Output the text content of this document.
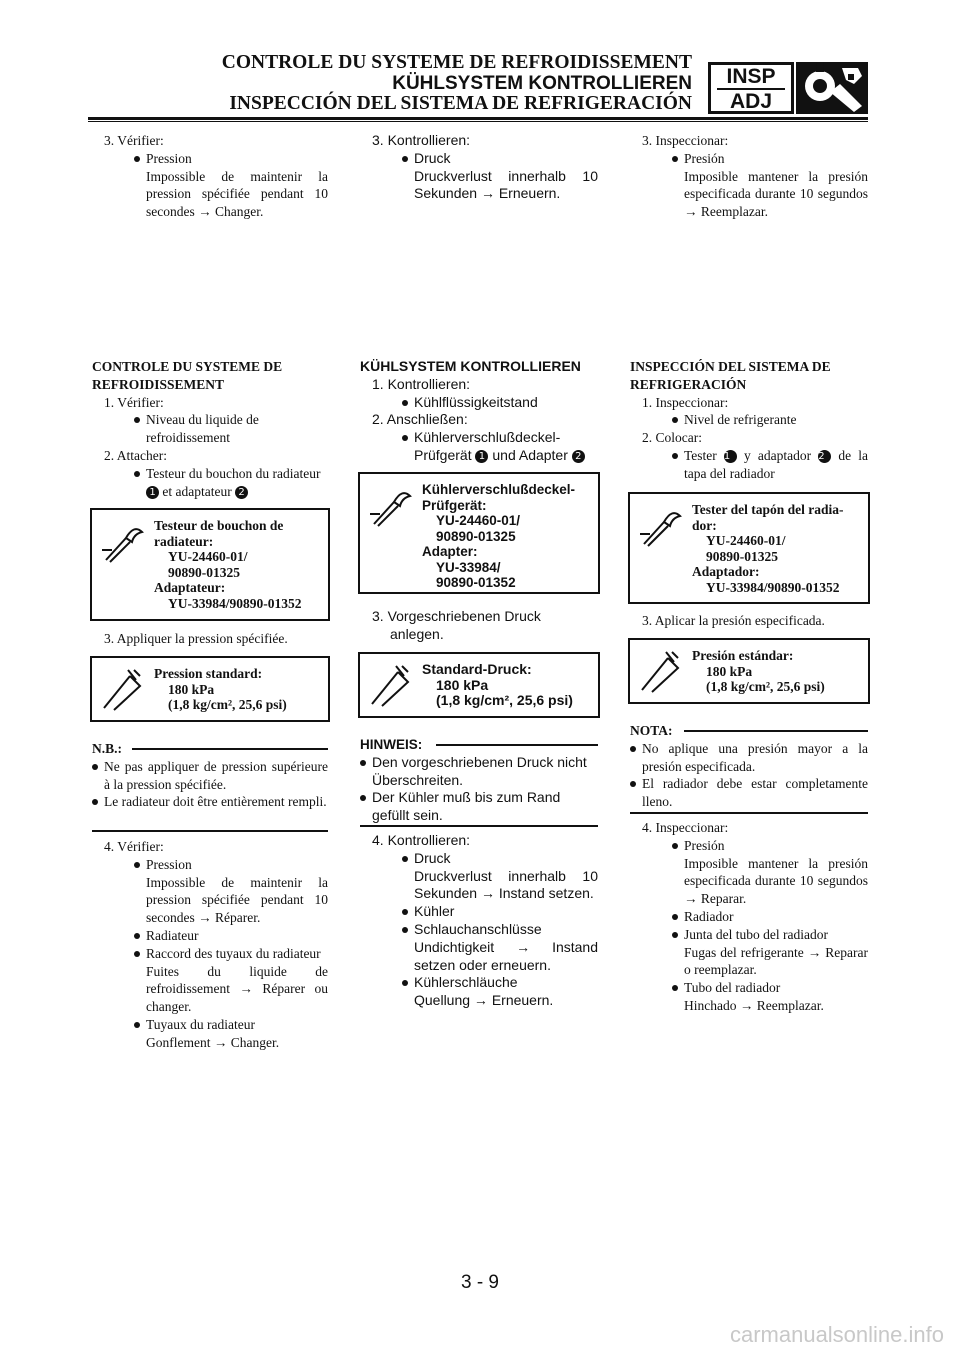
CONTROLE DU SYSTEME DE REFROIDISSEMENT
KÜHLSYSTEM KONTROLLIEREN
INSPECCIÓN DEL SISTEMA DE REFRIGERACIÓN
INSP
ADJ

3. Vérifier:

Pression

Impossible de maintenir la pression spécifiée pendant 10 secondes → Changer.

3. Kontrollieren:

Druck

Druckverlust innerhalb 10 Sekunden → Erneuern.

3. Inspeccionar:

Presión

Imposible mantener la presión especificada durante 10 segundos → Reemplazar.

CONTROLE DU SYSTEME DE

REFROIDISSEMENT

1. Vérifier:

Niveau du liquide de refroidissement

2. Attacher:

Testeur du bouchon du radiateur 1 et adaptateur 2

Testeur de bouchon de
radiateur:
YU-24460-01/
90890-01325
Adaptateur:
YU-33984/90890-01352

3. Appliquer la pression spécifiée.

Pression standard:
180 kPa
(1,8 kg/cm², 25,6 psi)

N.B.:

Ne pas appliquer de pression supérieure à la pression spécifiée.

Le radiateur doit être entièrement rempli.

4. Vérifier:

Pression

Impossible de maintenir la pression spécifiée pendant 10 secondes → Réparer.

Radiateur

Raccord des tuyaux du radiateur

Fuites du liquide de refroidissement → Réparer ou changer.

Tuyaux du radiateur

Gonflement → Changer.

KÜHLSYSTEM KONTROLLIEREN

1. Kontrollieren:

Kühlflüssigkeitstand

2. Anschließen:

Kühlerverschlußdeckel-

Prüfgerät 1 und Adapter 2

Kühlerverschlußdeckel-
Prüfgerät:
YU-24460-01/
90890-01325
Adapter:
YU-33984/
90890-01352

3. Vorgeschriebenen Druck anlegen.

Standard-Druck:
180 kPa
(1,8 kg/cm², 25,6 psi)

HINWEIS:

Den vorgeschriebenen Druck nicht Überschreiten.

Der Kühler muß bis zum Rand gefüllt sein.

4. Kontrollieren:

Druck

Druckverlust innerhalb 10 Sekunden → Instand setzen.

Kühler

Schlauchanschlüsse

Undichtigkeit → Instand setzen oder erneuern.

Kühlerschläuche

Quellung → Erneuern.

INSPECCIÓN DEL SISTEMA DE

REFRIGERACIÓN

1. Inspeccionar:

Nivel de refrigerante

2. Colocar:

Tester 1 y adaptador 2 de la tapa del radiador

Tester del tapón del radia-
dor:
YU-24460-01/
90890-01325
Adaptador:
YU-33984/90890-01352

3. Aplicar la presión especificada.

Presión estándar:
180 kPa
(1,8 kg/cm², 25,6 psi)

NOTA:

No aplique una presión mayor a la presión especificada.

El radiador debe estar completamente lleno.

4. Inspeccionar:

Presión

Imposible mantener la presión especificada durante 10 segundos → Reparar.

Radiador

Junta del tubo del radiador

Fugas del refrigerante → Reparar o reemplazar.

Tubo del radiador

Hinchado → Reemplazar.

3 - 9
carmanualsonline.info
